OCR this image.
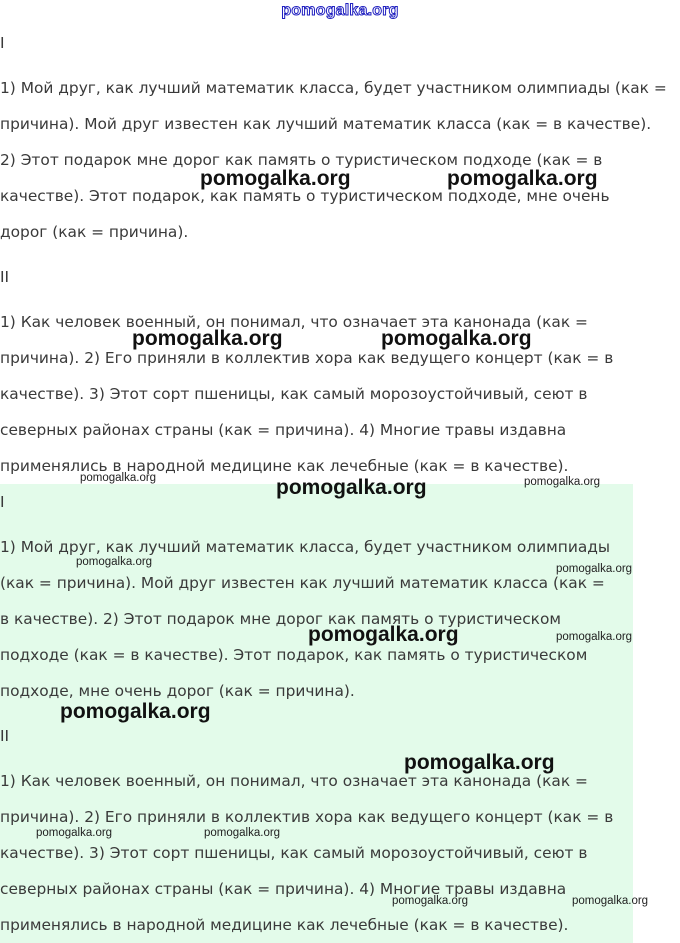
pomogalka.org
I
1) Мой друг, как лучший математик класса, будет участником олимпиады (как =
причина). Мой друг известен как лучший математик класса (как = в качестве).
2) Этот подарок мне дорог как память о туристическом подходе (как = в
качестве). Этот подарок, как память о туристическом подходе, мне очень
дорог (как = причина).
II
1) Как человек военный, он понимал, что означает эта канонада (как =
причина). 2) Его приняли в коллектив хора как ведущего концерт (как = в
качестве). 3) Этот сорт пшеницы, как самый морозоустойчивый, сеют в
северных районах страны (как = причина). 4) Многие травы издавна
применялись в народной медицине как лечебные (как = в качестве).
I
1) Мой друг, как лучший математик класса, будет участником олимпиады
(как = причина). Мой друг известен как лучший математик класса (как =
в качестве). 2) Этот подарок мне дорог как память о туристическом
подходе (как = в качестве). Этот подарок, как память о туристическом
подходе, мне очень дорог (как = причина).
II
1) Как человек военный, он понимал, что означает эта канонада (как =
причина). 2) Его приняли в коллектив хора как ведущего концерт (как = в
качестве). 3) Этот сорт пшеницы, как самый морозоустойчивый, сеют в
северных районах страны (как = причина). 4) Многие травы издавна
применялись в народной медицине как лечебные (как = в качестве).
pomogalka.org	pomogalka.org
pomogalka.org	pomogalka.org
pomogalka.org	pomogalka.org	pomogalka.org
pomogalka.org
pomogalka.org
pomogalka.org	pomogalka.org
pomogalka.org
pomogalka.org
pomogalka.org	pomogalka.org
pomogalka.org	pomogalka.org
